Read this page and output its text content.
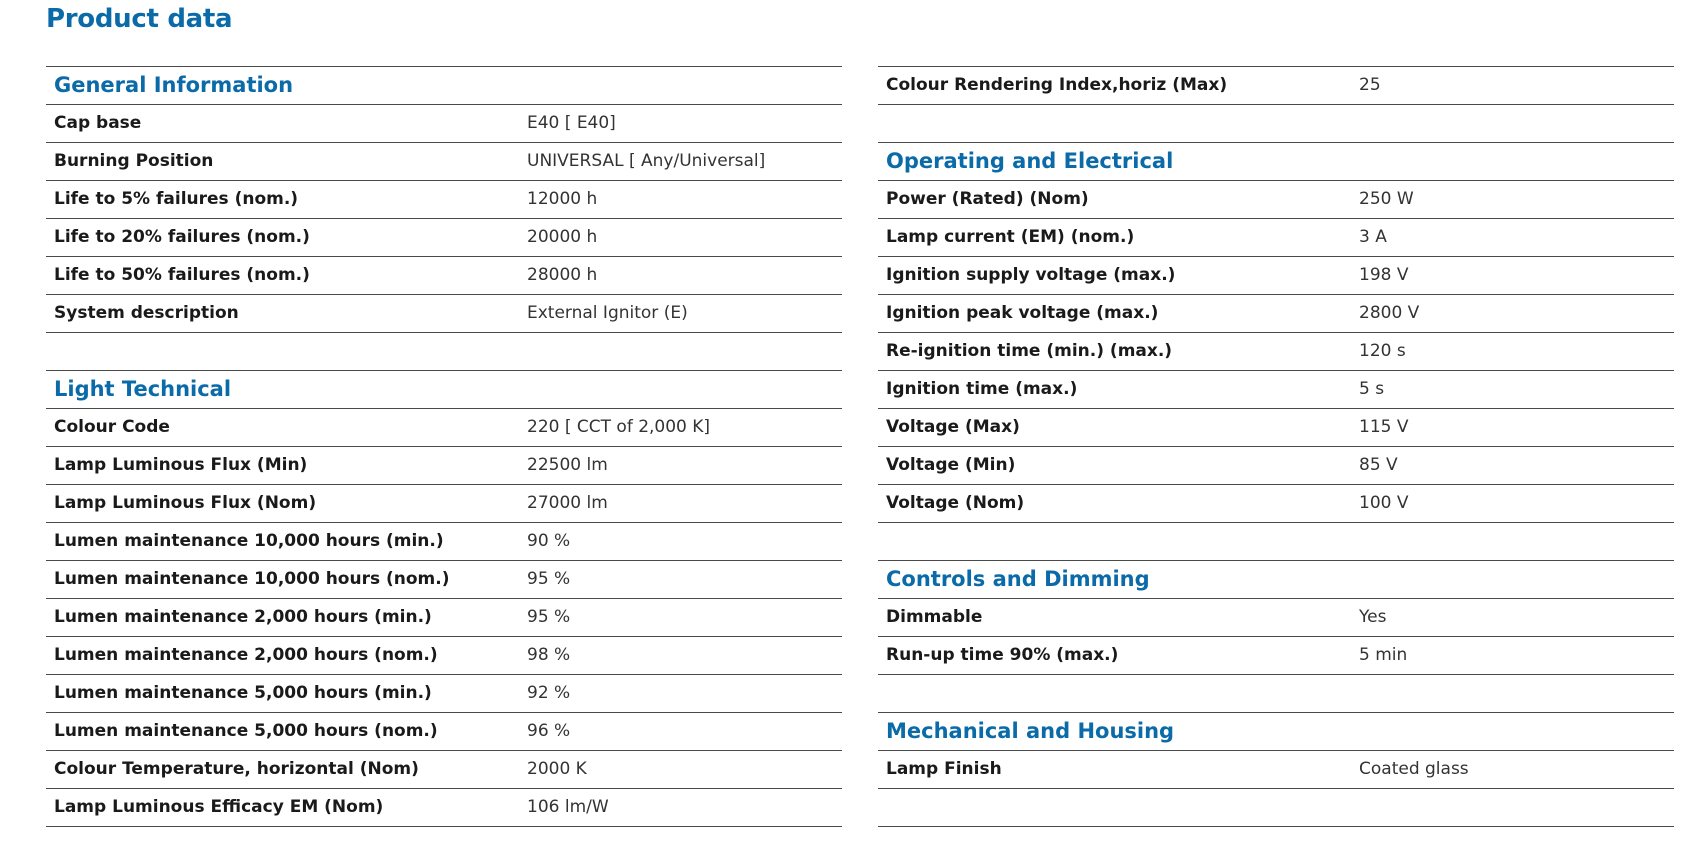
Product data
General Information
Cap base	E40 [ E40]
Burning Position	UNIVERSAL [ Any/Universal]
Life to 5% failures (nom.)	12000 h
Life to 20% failures (nom.)	20000 h
Life to 50% failures (nom.)	28000 h
System description	External Ignitor (E)
Light Technical
Colour Code	220 [ CCT of 2,000 K]
Lamp Luminous Flux (Min)	22500 lm
Lamp Luminous Flux (Nom)	27000 lm
Lumen maintenance 10,000 hours (min.)	90 %
Lumen maintenance 10,000 hours (nom.)	95 %
Lumen maintenance 2,000 hours (min.)	95 %
Lumen maintenance 2,000 hours (nom.)	98 %
Lumen maintenance 5,000 hours (min.)	92 %
Lumen maintenance 5,000 hours (nom.)	96 %
Colour Temperature, horizontal (Nom)	2000 K
Lamp Luminous Efficacy EM (Nom)	106 lm/W
Colour Rendering Index,horiz (Max)	25
Operating and Electrical
Power (Rated) (Nom)	250 W
Lamp current (EM) (nom.)	3 A
Ignition supply voltage (max.)	198 V
Ignition peak voltage (max.)	2800 V
Re-ignition time (min.) (max.)	120 s
Ignition time (max.)	5 s
Voltage (Max)	115 V
Voltage (Min)	85 V
Voltage (Nom)	100 V
Controls and Dimming
Dimmable	Yes
Run-up time 90% (max.)	5 min
Mechanical and Housing
Lamp Finish	Coated glass
